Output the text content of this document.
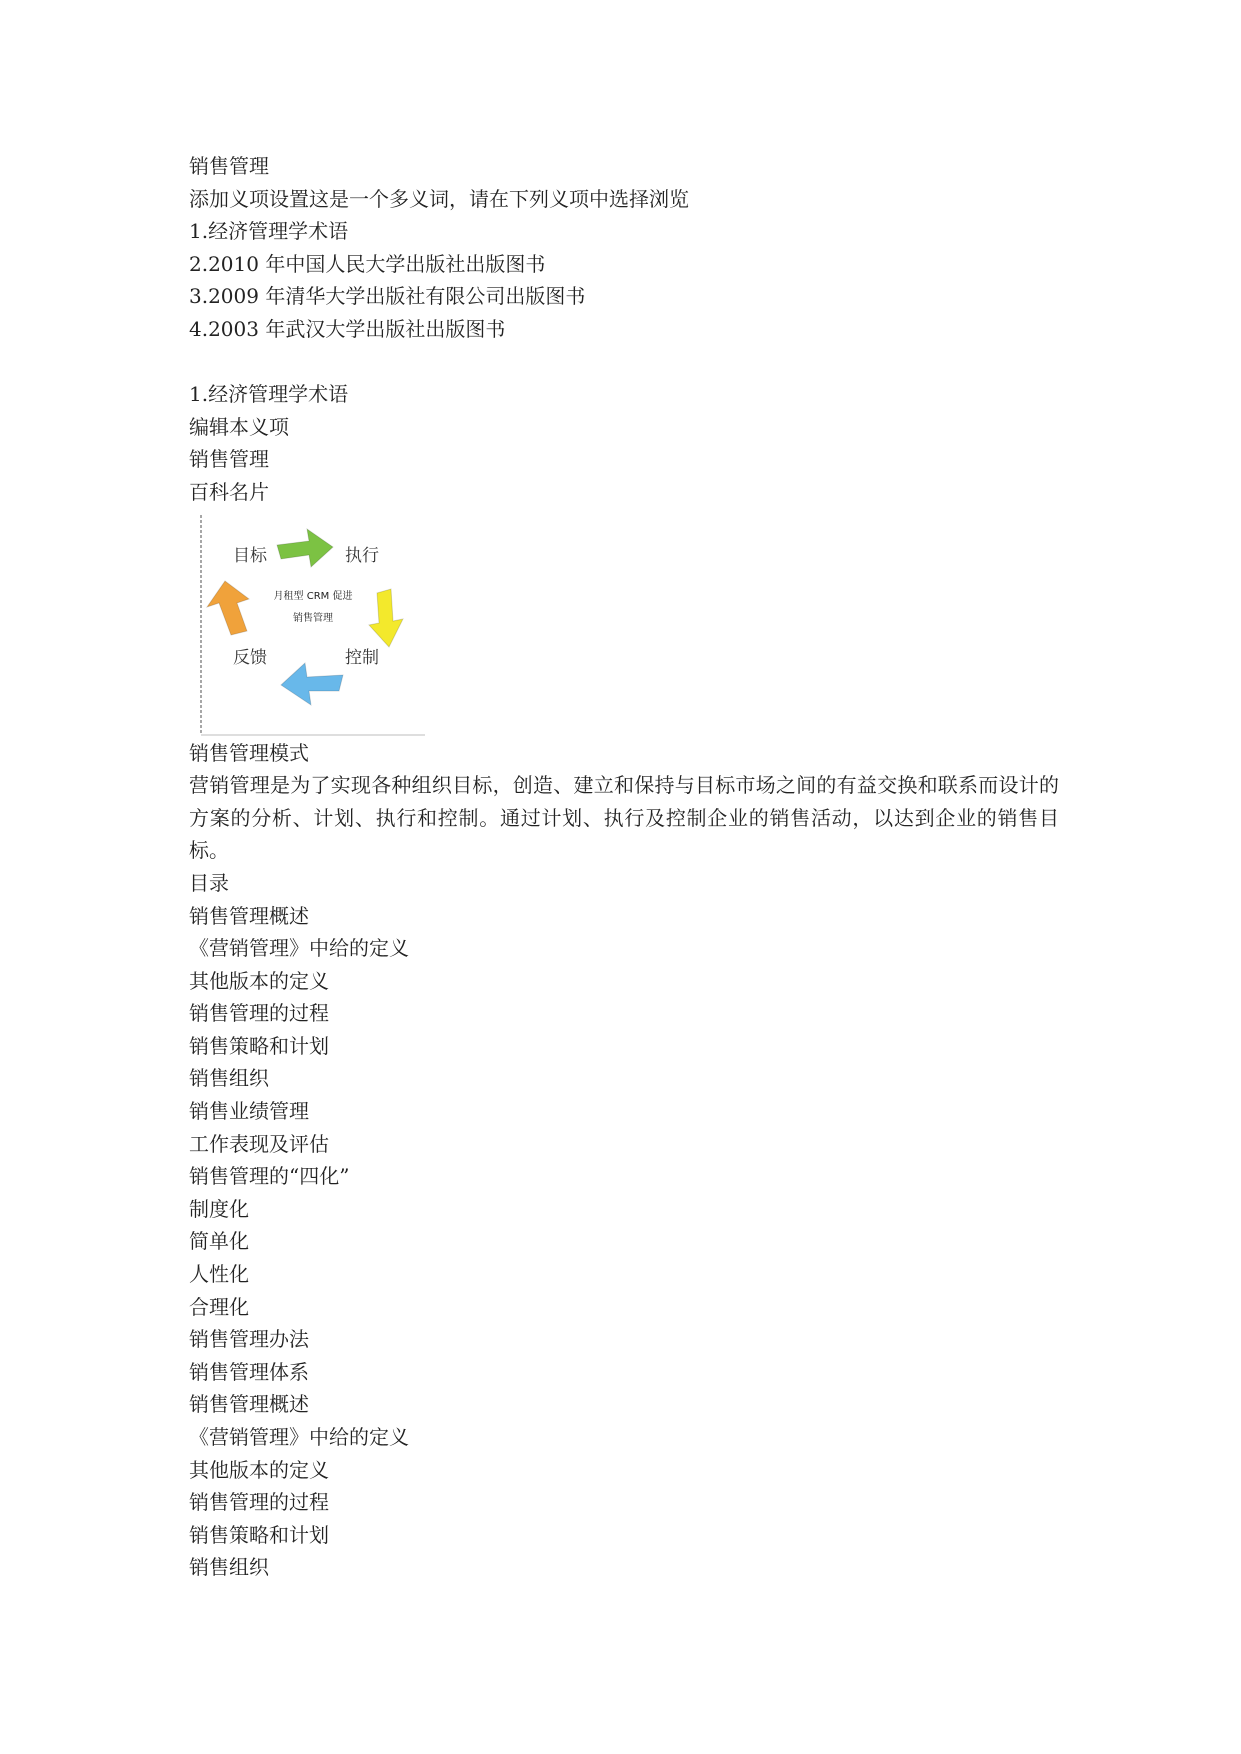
销售管理

添加义项设置这是一个多义词，请在下列义项中选择浏览

1.经济管理学术语

2.2010 年中国人民大学出版社出版图书

3.2009 年清华大学出版社有限公司出版图书

4.2003 年武汉大学出版社出版图书

1.经济管理学术语

编辑本义项

销售管理

百科名片

目标	执行
控制
反馈
月租型 CRM 促进
销售管理

销售管理模式

营销管理是为了实现各种组织目标，创造、建立和保持与目标市场之间的有益交换和联系而设计的方案的分析、计划、执行和控制。通过计划、执行及控制企业的销售活动，以达到企业的销售目标。

目录

销售管理概述

《营销管理》中给的定义

其他版本的定义

销售管理的过程

销售策略和计划

销售组织

销售业绩管理

工作表现及评估

销售管理的“四化”

制度化

简单化

人性化

合理化

销售管理办法

销售管理体系

销售管理概述

《营销管理》中给的定义

其他版本的定义

销售管理的过程

销售策略和计划

销售组织
